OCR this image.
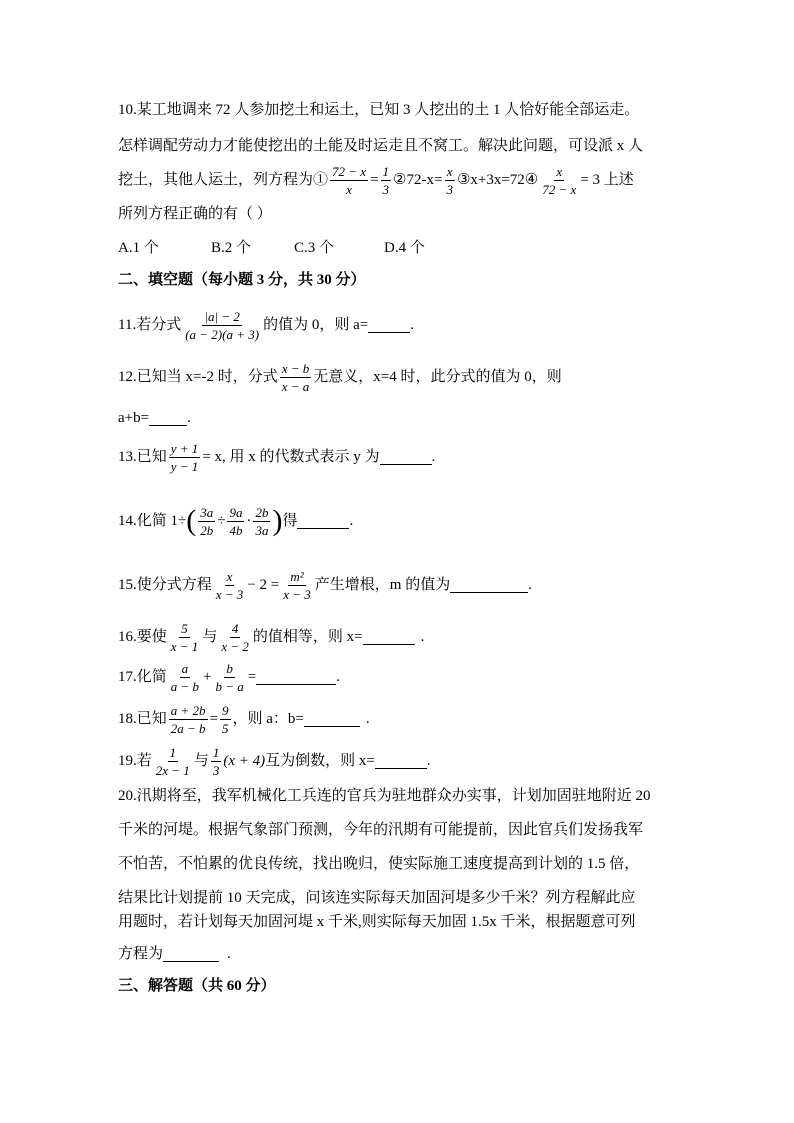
10.某工地调来 72 人参加挖土和运土，已知 3 人挖出的土 1 人恰好能全部运走。
怎样调配劳动力才能使挖出的土能及时运走且不窝工。解决此问题，可设派 x 人
挖土，其他人运土，列方程为① $\frac{72 - x}{x} = \frac{1}{3}$ ②72-x= $\frac{x}{3}$ ③x+3x=72④ $\frac{x}{72 - x} = 3$ 上述
所列方程正确的有（ ）
A.1 个	B.2 个	C.3 个	D.4 个
二、填空题（每小题 3 分，共 30 分）
11.若分式 $\frac{|a| - 2}{(a - 2)(a + 3)}$ 的值为 0，则 a=	.
12.已知当 x=-2 时，分式 $\frac{x - b}{x - a}$ 无意义，x=4 时，此分式的值为 0，则
a+b=	.
13.已知 $\frac{y + 1}{y - 1} = x$, 用 x 的代数式表示 y 为	.
14.化简 1÷ ( $\frac{3a}{2b} \div \frac{9a}{4b} \cdot \frac{2b}{3a}$ ) 得	.
15.使分式方程 $\frac{x}{x - 3} - 2 = \frac{\text{m²}}{x - 3}$ 产生增根，m 的值为	.
16.要使 $\frac{5}{x - 1}$ 与 $\frac{4}{x - 2}$ 的值相等，则 x=	.
17.化简 $\frac{a}{a - b} + \frac{b}{b - a}$ =	.
18.已知 $\frac{a + 2b}{2a - b} = \frac{9}{5}$ ，则 a：b=	.
19.若 $\frac{1}{2x - 1}$ 与 $\frac{1}{3} (x + 4)$ 互为倒数，则 x=	.
20.汛期将至，我军机械化工兵连的官兵为驻地群众办实事，计划加固驻地附近 20
千米的河堤。根据气象部门预测，今年的汛期有可能提前，因此官兵们发扬我军
不怕苦，不怕累的优良传统，找出晚归，使实际施工速度提高到计划的 1.5 倍，
结果比计划提前 10 天完成，问该连实际每天加固河堤多少千米？列方程解此应
用题时，若计划每天加固河堤 x 千米,则实际每天加固 1.5x 千米，根据题意可列
方程为	.
三、解答题（共 60 分）
